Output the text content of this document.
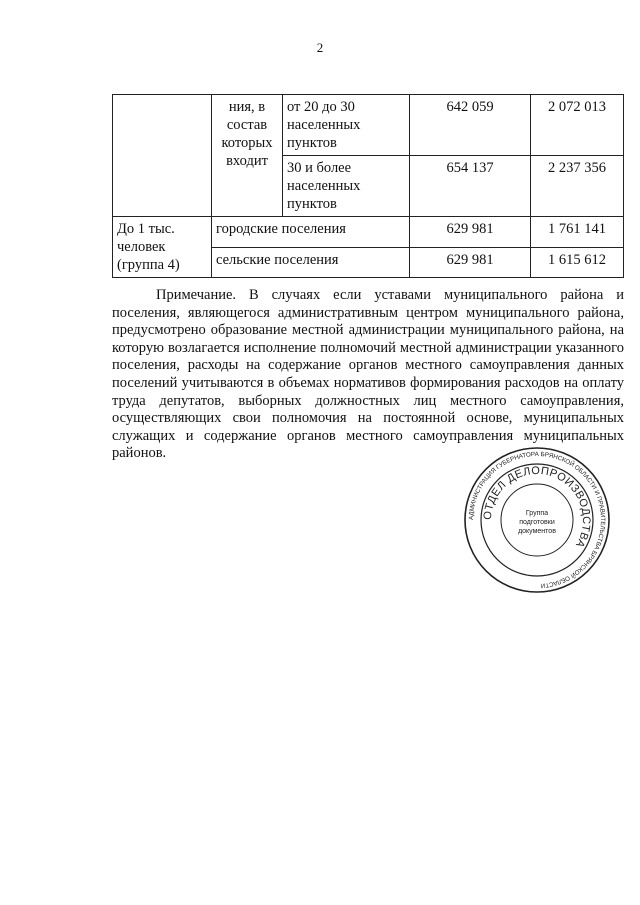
2
	ния, в состав которых входит	от 20 до 30 населенных пунктов	642 059	2 072 013
		30 и более населенных пунктов	654 137	2 237 356
До 1 тыс. человек (группа 4)	городские поселения		629 981	1 761 141
	сельские поселения		629 981	1 615 612
Примечание. В случаях если уставами муниципального района и поселения, являющегося административным центром муниципального района, предусмотрено образование местной администрации муниципального района, на которую возлагается исполнение полномочий местной администрации указанного поселения, расходы на содержание органов местного самоуправления данных поселений учитываются в объемах нормативов формирования расходов на оплату труда депутатов, выборных должностных лиц местного самоуправления, осуществляющих свои полномочия на постоянной основе, муниципальных служащих и содержание органов местного самоуправления муниципальных районов.
АДМИНИСТРАЦИЯ ГУБЕРНАТОРА БРЯНСКОЙ ОБЛАСТИ И ПРАВИТЕЛЬСТВА БРЯНСКОЙ ОБЛАСТИ
ОТДЕЛ ДЕЛОПРОИЗВОДСТВА
Группа
подготовки
документов
